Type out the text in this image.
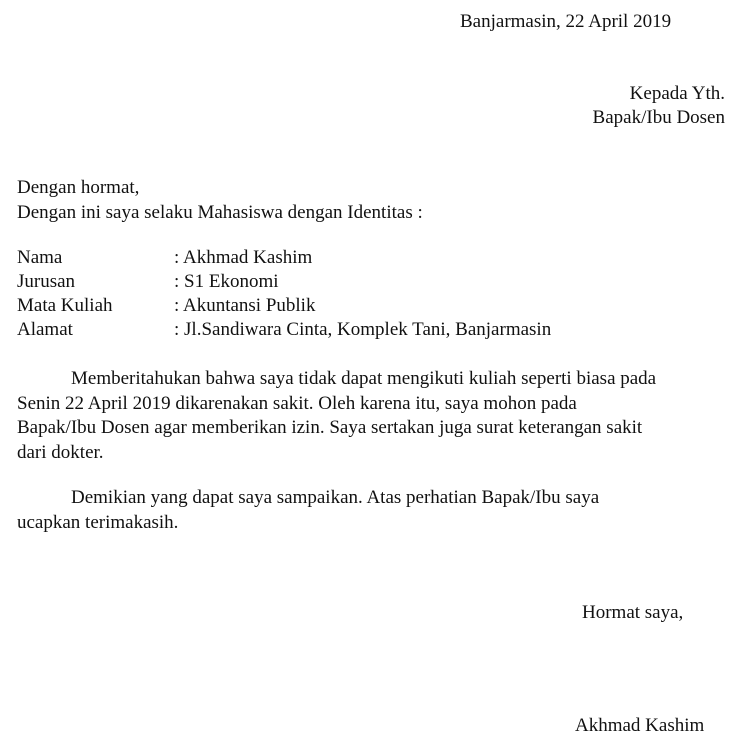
Banjarmasin, 22 April 2019
Kepada Yth.
Bapak/Ibu Dosen
Dengan hormat,
Dengan ini saya selaku Mahasiswa dengan Identitas :
Nama	: Akhmad Kashim
Jurusan	: S1 Ekonomi
Mata Kuliah	: Akuntansi Publik
Alamat	: Jl.Sandiwara Cinta, Komplek Tani, Banjarmasin
Memberitahukan bahwa saya tidak dapat mengikuti kuliah seperti biasa pada
Senin 22 April 2019 dikarenakan sakit. Oleh karena itu, saya mohon pada
Bapak/Ibu Dosen agar memberikan izin. Saya sertakan juga surat keterangan sakit
dari dokter.
Demikian yang dapat saya sampaikan. Atas perhatian Bapak/Ibu saya
ucapkan terimakasih.
Hormat saya,
Akhmad Kashim
